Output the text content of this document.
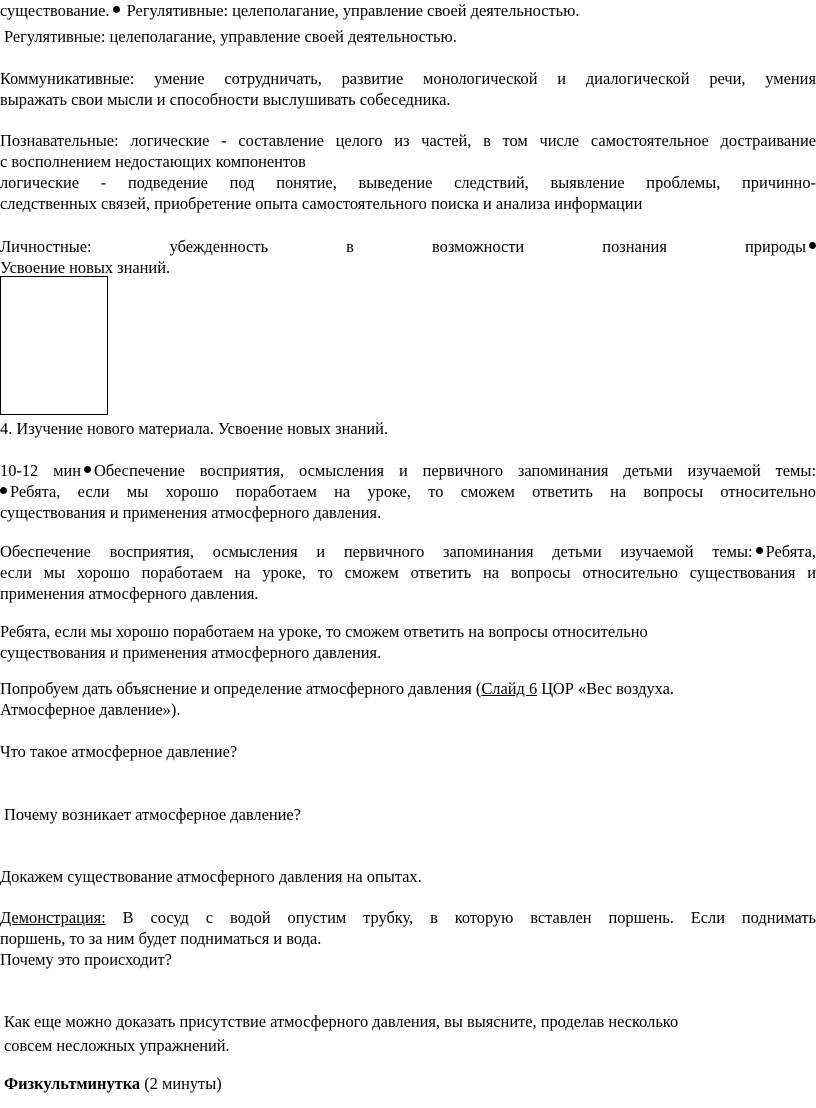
существование. Регулятивные: целеполагание, управление своей деятельностью.
Регулятивные: целеполагание, управление своей деятельностью.
Коммуникативные: умение сотрудничать, развитие монологической и диалогической речи, умения
выражать свои мысли и способности выслушивать собеседника.
Познавательные: логические - составление целого из частей, в том числе самостоятельное достраивание
с восполнением недостающих компонентов
логические - подведение под понятие, выведение следствий, выявление проблемы, причинно-
следственных связей, приобретение опыта самостоятельного поиска и анализа информации
Личностные: убежденность в возможности познания природы
Усвоение новых знаний.
4. Изучение нового материала. Усвоение новых знаний.
10-12 мин Обеспечение восприятия, осмысления и первичного запоминания детьми изучаемой темы:
Ребята, если мы хорошо поработаем на уроке, то сможем ответить на вопросы относительно
существования и применения атмосферного давления.
Обеспечение восприятия, осмысления и первичного запоминания детьми изучаемой темы: Ребята,
если мы хорошо поработаем на уроке, то сможем ответить на вопросы относительно существования и
применения атмосферного давления.
Ребята, если мы хорошо поработаем на уроке, то сможем ответить на вопросы относительно
существования и применения атмосферного давления.
Попробуем дать объяснение и определение атмосферного давления (Слайд 6 ЦОР «Вес воздуха.
Атмосферное давление»).
Что такое атмосферное давление?
Почему возникает атмосферное давление?
Докажем существование атмосферного давления на опытах.
Демонстрация: В сосуд с водой опустим трубку, в которую вставлен поршень. Если поднимать
поршень, то за ним будет подниматься и вода.
Почему это происходит?
Как еще можно доказать присутствие атмосферного давления, вы выясните, проделав несколько
совсем несложных упражнений.
Физкультминутка (2 минуты)
